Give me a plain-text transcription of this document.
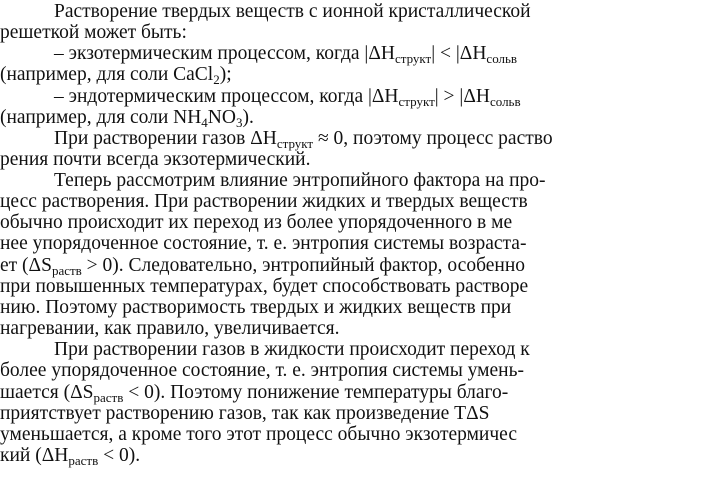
Растворение твердых веществ с ионной кристаллической
решеткой может быть:
– экзотермическим процессом, когда $|\Delta H_{структ}| < |\Delta H_{сольв}$
(например, для соли CaCl$_2$);
– эндотермическим процессом, когда $|\Delta H_{структ}| > |\Delta H_{сольв}$
(например, для соли $NH_4NO_3$).
При растворении газов $\Delta H_{структ} \approx 0$, поэтому процесс раство
рения почти всегда экзотермический.
Теперь рассмотрим влияние энтропийного фактора на про-
цесс растворения. При растворении жидких и твердых веществ
обычно происходит их переход из более упорядоченного в ме
нее упорядоченное состояние, т. е. энтропия системы возраста-
ет $(\Delta S_{раств} > 0)$. Следовательно, энтропийный фактор, особенно
при повышенных температурах, будет способствовать растворе
нию. Поэтому растворимость твердых и жидких веществ при
нагревании, как правило, увеличивается.
При растворении газов в жидкости происходит переход к
более упорядоченное состояние, т. е. энтропия системы умень-
шается $(\Delta S_{раств} < 0)$. Поэтому понижение температуры благо-
приятствует растворению газов, так как произведение TΔS
уменьшается, а кроме того этот процесс обычно экзотермичес
кий $(\Delta H_{раств} < 0)$.
